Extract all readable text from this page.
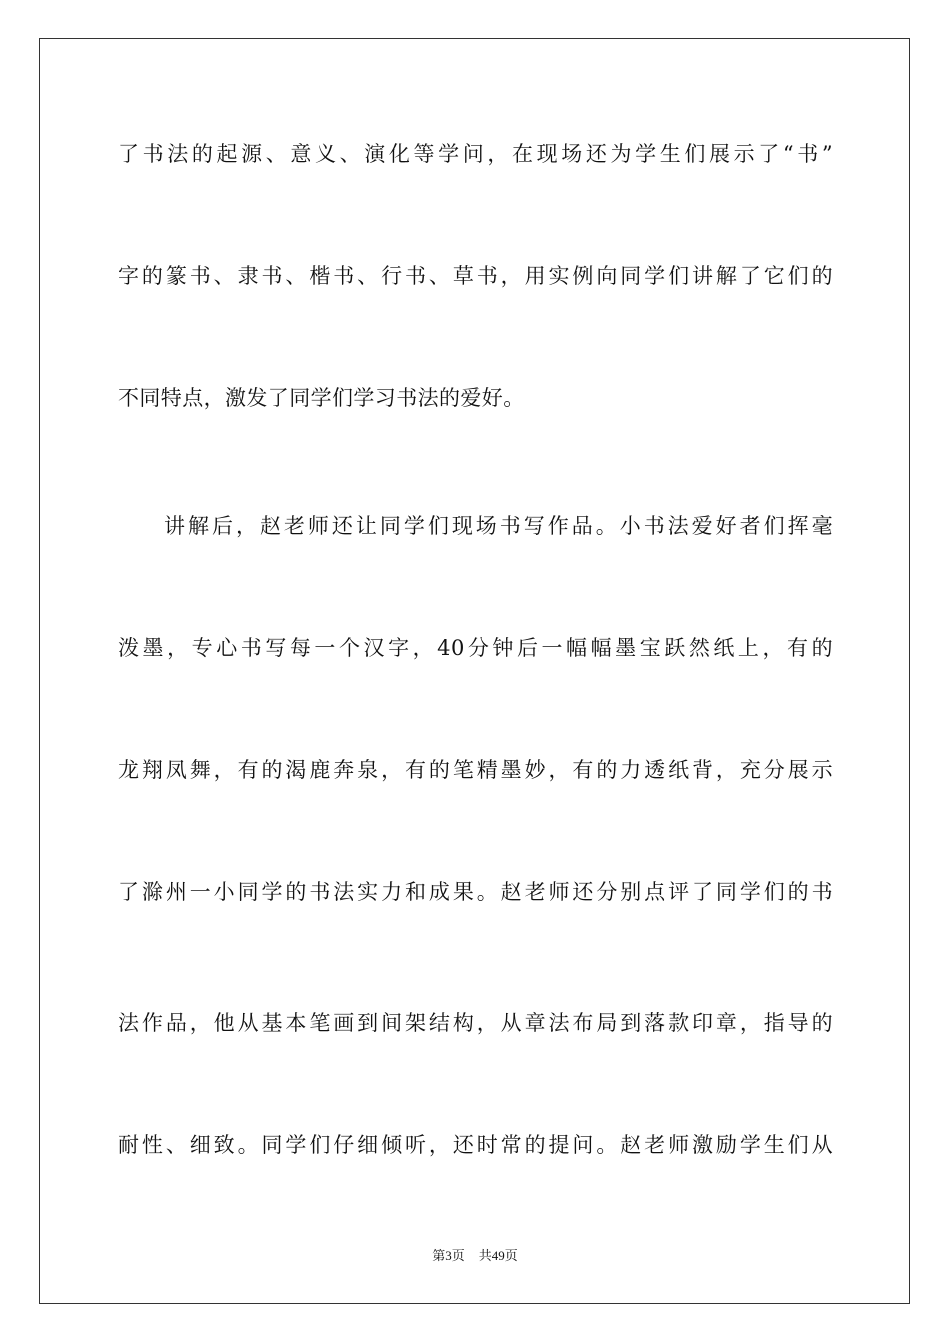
了书法的起源、意义、演化等学问，在现场还为学生们展示了“书”
字的篆书、隶书、楷书、行书、草书，用实例向同学们讲解了它们的
不同特点，激发了同学们学习书法的爱好。
讲解后，赵老师还让同学们现场书写作品。小书法爱好者们挥毫
泼墨，专心书写每一个汉字，40分钟后一幅幅墨宝跃然纸上，有的
龙翔凤舞，有的渴鹿奔泉，有的笔精墨妙，有的力透纸背，充分展示
了滁州一小同学的书法实力和成果。赵老师还分别点评了同学们的书
法作品，他从基本笔画到间架结构，从章法布局到落款印章，指导的
耐性、细致。同学们仔细倾听，还时常的提问。赵老师激励学生们从
第3页 共49页
